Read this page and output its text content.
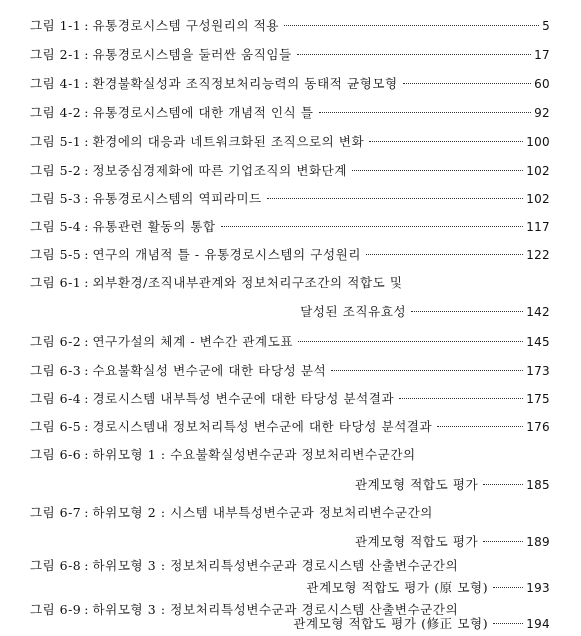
그림 1-1 : 유통경로시스템 구성원리의 적용	5
그림 2-1 : 유통경로시스템을 둘러싼 움직임들	17
그림 4-1 : 환경불확실성과 조직정보처리능력의 동태적 균형모형	60
그림 4-2 : 유통경로시스템에 대한 개념적 인식 틀	92
그림 5-1 : 환경에의 대응과 네트워크화된 조직으로의 변화	100
그림 5-2 : 정보중심경제화에 따른 기업조직의 변화단계	102
그림 5-3 : 유통경로시스템의 역피라미드	102
그림 5-4 : 유통관련 활동의 통합	117
그림 5-5 : 연구의 개념적 틀 - 유통경로시스템의 구성원리	122
그림 6-1 : 외부환경/조직내부관계와 정보처리구조간의 적합도 및
달성된 조직유효성	142
그림 6-2 : 연구가설의 체계 - 변수간 관계도표	145
그림 6-3 : 수요불확실성 변수군에 대한 타당성 분석	173
그림 6-4 : 경로시스템 내부특성 변수군에 대한 타당성 분석결과	175
그림 6-5 : 경로시스템내 정보처리특성 변수군에 대한 타당성 분석결과	176
그림 6-6 : 하위모형 1 : 수요불확실성변수군과 정보처리변수군간의
관계모형 적합도 평가	185
그림 6-7 : 하위모형 2 : 시스템 내부특성변수군과 정보처리변수군간의
관계모형 적합도 평가	189
그림 6-8 : 하위모형 3 : 정보처리특성변수군과 경로시스템 산출변수군간의
관계모형 적합도 평가 (原 모형)	193
그림 6-9 : 하위모형 3 : 정보처리특성변수군과 경로시스템 산출변수군간의
관계모형 적합도 평가 (修正 모형)	194
